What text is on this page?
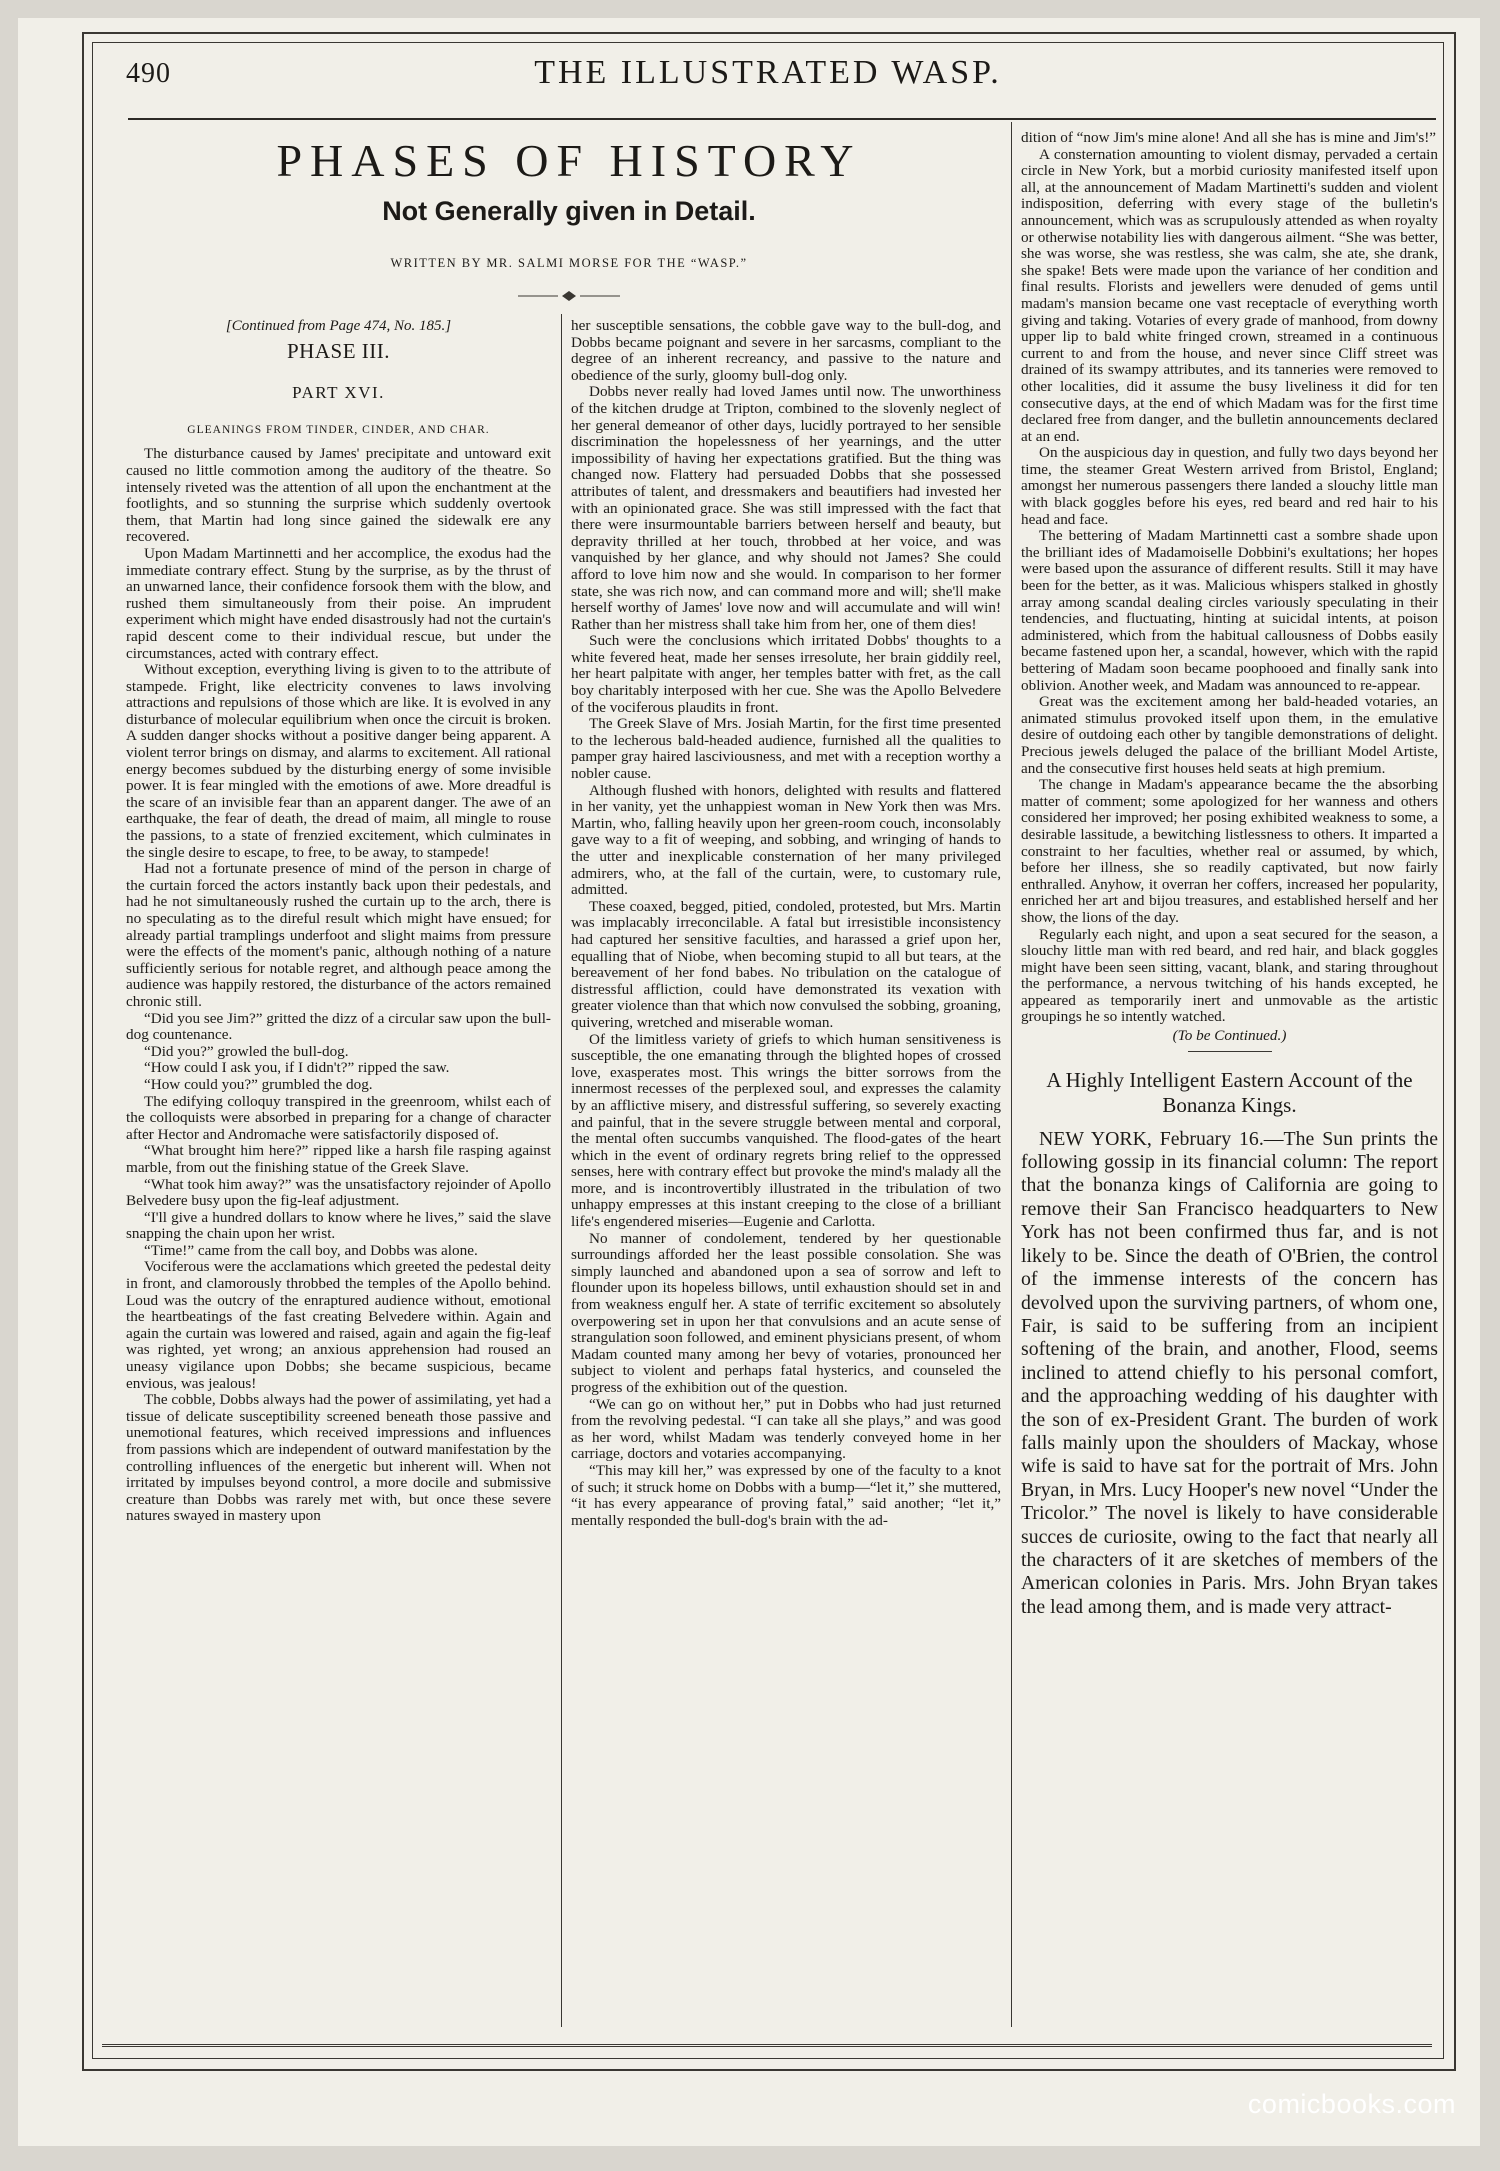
490	THE ILLUSTRATED WASP.
PHASES OF HISTORY
Not Generally given in Detail.
WRITTEN BY MR. SALMI MORSE FOR THE “WASP.”
[Continued from Page 474, No. 185.]
PHASE III.
PART XVI.
GLEANINGS FROM TINDER, CINDER, AND CHAR.

The disturbance caused by James' precipitate and untoward exit caused no little commotion among the auditory of the theatre. So intensely riveted was the attention of all upon the enchantment at the footlights, and so stunning the surprise which suddenly overtook them, that Martin had long since gained the sidewalk ere any recovered.

Upon Madam Martinnetti and her accomplice, the exodus had the immediate contrary effect. Stung by the surprise, as by the thrust of an unwarned lance, their confidence forsook them with the blow, and rushed them simultaneously from their poise. An imprudent experiment which might have ended disastrously had not the curtain's rapid descent come to their individual rescue, but under the circumstances, acted with contrary effect.

Without exception, everything living is given to to the attribute of stampede. Fright, like electricity convenes to laws involving attractions and repulsions of those which are like. It is evolved in any disturbance of molecular equilibrium when once the circuit is broken. A sudden danger shocks without a positive danger being apparent. A violent terror brings on dismay, and alarms to excitement. All rational energy becomes subdued by the disturbing energy of some invisible power. It is fear mingled with the emotions of awe. More dreadful is the scare of an invisible fear than an apparent danger. The awe of an earthquake, the fear of death, the dread of maim, all mingle to rouse the passions, to a state of frenzied excitement, which culminates in the single desire to escape, to free, to be away, to stampede!

Had not a fortunate presence of mind of the person in charge of the curtain forced the actors instantly back upon their pedestals, and had he not simultaneously rushed the curtain up to the arch, there is no speculating as to the direful result which might have ensued; for already partial tramplings underfoot and slight maims from pressure were the effects of the moment's panic, although nothing of a nature sufficiently serious for notable regret, and although peace among the audience was happily restored, the disturbance of the actors remained chronic still.

“Did you see Jim?” gritted the dizz of a circular saw upon the bull-dog countenance.

“Did you?” growled the bull-dog.

“How could I ask you, if I didn't?” ripped the saw.

“How could you?” grumbled the dog.

The edifying colloquy transpired in the greenroom, whilst each of the colloquists were absorbed in preparing for a change of character after Hector and Andromache were satisfactorily disposed of.

“What brought him here?” ripped like a harsh file rasping against marble, from out the finishing statue of the Greek Slave.

“What took him away?” was the unsatisfactory rejoinder of Apollo Belvedere busy upon the fig-leaf adjustment.

“I'll give a hundred dollars to know where he lives,” said the slave snapping the chain upon her wrist.

“Time!” came from the call boy, and Dobbs was alone.

Vociferous were the acclamations which greeted the pedestal deity in front, and clamorously throbbed the temples of the Apollo behind. Loud was the outcry of the enraptured audience without, emotional the heartbeatings of the fast creating Belvedere within. Again and again the curtain was lowered and raised, again and again the fig-leaf was righted, yet wrong; an anxious apprehension had roused an uneasy vigilance upon Dobbs; she became suspicious, became envious, was jealous!

The cobble, Dobbs always had the power of assimilating, yet had a tissue of delicate susceptibility screened beneath those passive and unemotional features, which received impressions and influences from passions which are independent of outward manifestation by the controlling influences of the energetic but inherent will. When not irritated by impulses beyond control, a more docile and submissive creature than Dobbs was rarely met with, but once these severe natures swayed in mastery upon

her susceptible sensations, the cobble gave way to the bull-dog, and Dobbs became poignant and severe in her sarcasms, compliant to the degree of an inherent recreancy, and passive to the nature and obedience of the surly, gloomy bull-dog only.

Dobbs never really had loved James until now. The unworthiness of the kitchen drudge at Tripton, combined to the slovenly neglect of her general demeanor of other days, lucidly portrayed to her sensible discrimination the hopelessness of her yearnings, and the utter impossibility of having her expectations gratified. But the thing was changed now. Flattery had persuaded Dobbs that she possessed attributes of talent, and dressmakers and beautifiers had invested her with an opinionated grace. She was still impressed with the fact that there were insurmountable barriers between herself and beauty, but depravity thrilled at her touch, throbbed at her voice, and was vanquished by her glance, and why should not James? She could afford to love him now and she would. In comparison to her former state, she was rich now, and can command more and will; she'll make herself worthy of James' love now and will accumulate and will win! Rather than her mistress shall take him from her, one of them dies!

Such were the conclusions which irritated Dobbs' thoughts to a white fevered heat, made her senses irresolute, her brain giddily reel, her heart palpitate with anger, her temples batter with fret, as the call boy charitably interposed with her cue. She was the Apollo Belvedere of the vociferous plaudits in front.

The Greek Slave of Mrs. Josiah Martin, for the first time presented to the lecherous bald-headed audience, furnished all the qualities to pamper gray haired lasciviousness, and met with a reception worthy a nobler cause.

Although flushed with honors, delighted with results and flattered in her vanity, yet the unhappiest woman in New York then was Mrs. Martin, who, falling heavily upon her green-room couch, inconsolably gave way to a fit of weeping, and sobbing, and wringing of hands to the utter and inexplicable consternation of her many privileged admirers, who, at the fall of the curtain, were, to customary rule, admitted.

These coaxed, begged, pitied, condoled, protested, but Mrs. Martin was implacably irreconcilable. A fatal but irresistible inconsistency had captured her sensitive faculties, and harassed a grief upon her, equalling that of Niobe, when becoming stupid to all but tears, at the bereavement of her fond babes. No tribulation on the catalogue of distressful affliction, could have demonstrated its vexation with greater violence than that which now convulsed the sobbing, groaning, quivering, wretched and miserable woman.

Of the limitless variety of griefs to which human sensitiveness is susceptible, the one emanating through the blighted hopes of crossed love, exasperates most. This wrings the bitter sorrows from the innermost recesses of the perplexed soul, and expresses the calamity by an afflictive misery, and distressful suffering, so severely exacting and painful, that in the severe struggle between mental and corporal, the mental often succumbs vanquished. The flood-gates of the heart which in the event of ordinary regrets bring relief to the oppressed senses, here with contrary effect but provoke the mind's malady all the more, and is incontrovertibly illustrated in the tribulation of two unhappy empresses at this instant creeping to the close of a brilliant life's engendered miseries—Eugenie and Carlotta.

No manner of condolement, tendered by her questionable surroundings afforded her the least possible consolation. She was simply launched and abandoned upon a sea of sorrow and left to flounder upon its hopeless billows, until exhaustion should set in and from weakness engulf her. A state of terrific excitement so absolutely overpowering set in upon her that convulsions and an acute sense of strangulation soon followed, and eminent physicians present, of whom Madam counted many among her bevy of votaries, pronounced her subject to violent and perhaps fatal hysterics, and counseled the progress of the exhibition out of the question.

“We can go on without her,” put in Dobbs who had just returned from the revolving pedestal. “I can take all she plays,” and was good as her word, whilst Madam was tenderly conveyed home in her carriage, doctors and votaries accompanying.

“This may kill her,” was expressed by one of the faculty to a knot of such; it struck home on Dobbs with a bump—“let it,” she muttered, “it has every appearance of proving fatal,” said another; “let it,” mentally responded the bull-dog's brain with the ad-

dition of “now Jim's mine alone! And all she has is mine and Jim's!”

A consternation amounting to violent dismay, pervaded a certain circle in New York, but a morbid curiosity manifested itself upon all, at the announcement of Madam Martinetti's sudden and violent indisposition, deferring with every stage of the bulletin's announcement, which was as scrupulously attended as when royalty or otherwise notability lies with dangerous ailment. “She was better, she was worse, she was restless, she was calm, she ate, she drank, she spake! Bets were made upon the variance of her condition and final results. Florists and jewellers were denuded of gems until madam's mansion became one vast receptacle of everything worth giving and taking. Votaries of every grade of manhood, from downy upper lip to bald white fringed crown, streamed in a continuous current to and from the house, and never since Cliff street was drained of its swampy attributes, and its tanneries were removed to other localities, did it assume the busy liveliness it did for ten consecutive days, at the end of which Madam was for the first time declared free from danger, and the bulletin announcements declared at an end.

On the auspicious day in question, and fully two days beyond her time, the steamer Great Western arrived from Bristol, England; amongst her numerous passengers there landed a slouchy little man with black goggles before his eyes, red beard and red hair to his head and face.

The bettering of Madam Martinnetti cast a sombre shade upon the brilliant ides of Madamoiselle Dobbini's exultations; her hopes were based upon the assurance of different results. Still it may have been for the better, as it was. Malicious whispers stalked in ghostly array among scandal dealing circles variously speculating in their tendencies, and fluctuating, hinting at suicidal intents, at poison administered, which from the habitual callousness of Dobbs easily became fastened upon her, a scandal, however, which with the rapid bettering of Madam soon became poophooed and finally sank into oblivion. Another week, and Madam was announced to re-appear.

Great was the excitement among her bald-headed votaries, an animated stimulus provoked itself upon them, in the emulative desire of outdoing each other by tangible demonstrations of delight. Precious jewels deluged the palace of the brilliant Model Artiste, and the consecutive first houses held seats at high premium.

The change in Madam's appearance became the the absorbing matter of comment; some apologized for her wanness and others considered her improved; her posing exhibited weakness to some, a desirable lassitude, a bewitching listlessness to others. It imparted a constraint to her faculties, whether real or assumed, by which, before her illness, she so readily captivated, but now fairly enthralled. Anyhow, it overran her coffers, increased her popularity, enriched her art and bijou treasures, and established herself and her show, the lions of the day.

Regularly each night, and upon a seat secured for the season, a slouchy little man with red beard, and red hair, and black goggles might have been seen sitting, vacant, blank, and staring throughout the performance, a nervous twitching of his hands excepted, he appeared as temporarily inert and unmovable as the artistic groupings he so intently watched.

(To be Continued.)
A Highly Intelligent Eastern Account of the Bonanza Kings.

NEW YORK, February 16.—The Sun prints the following gossip in its financial column: The report that the bonanza kings of California are going to remove their San Francisco headquarters to New York has not been confirmed thus far, and is not likely to be. Since the death of O'Brien, the control of the immense interests of the concern has devolved upon the surviving partners, of whom one, Fair, is said to be suffering from an incipient softening of the brain, and another, Flood, seems inclined to attend chiefly to his personal comfort, and the approaching wedding of his daughter with the son of ex-President Grant. The burden of work falls mainly upon the shoulders of Mackay, whose wife is said to have sat for the portrait of Mrs. John Bryan, in Mrs. Lucy Hooper's new novel “Under the Tricolor.” The novel is likely to have considerable succes de curiosite, owing to the fact that nearly all the characters of it are sketches of members of the American colonies in Paris. Mrs. John Bryan takes the lead among them, and is made very attract-

comicbooks.com
